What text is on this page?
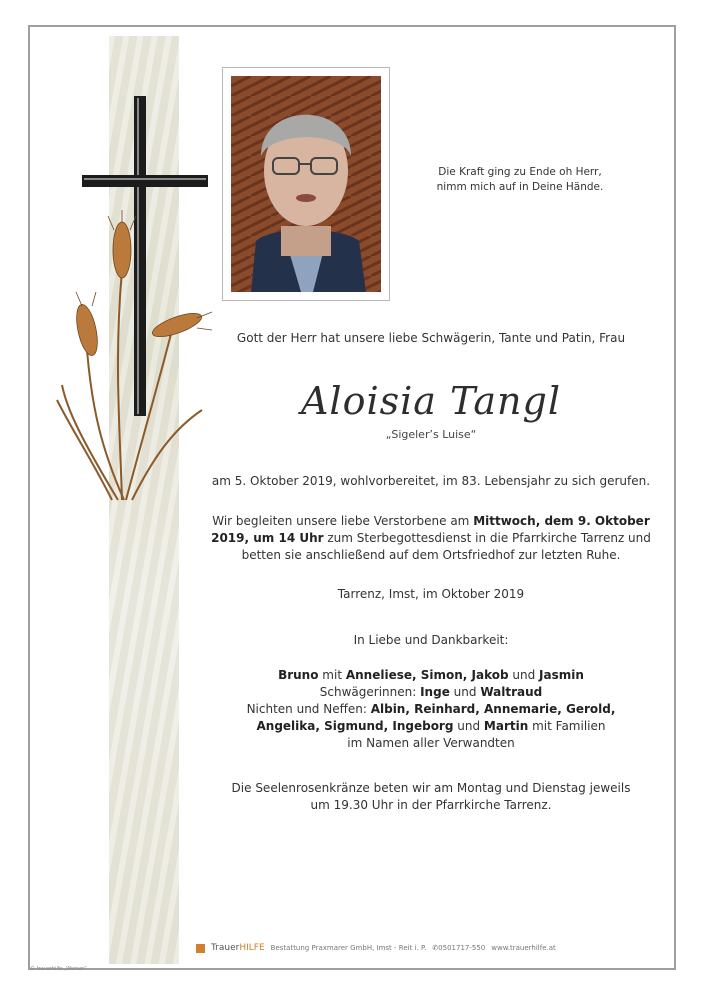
Die Kraft ging zu Ende oh Herr,
nimm mich auf in Deine Hände.
Gott der Herr hat unsere liebe Schwägerin, Tante und Patin, Frau
Aloisia Tangl
„Sigeler’s Luise“
am 5. Oktober 2019, wohlvorbereitet, im 83. Lebensjahr zu sich gerufen.
Wir begleiten unsere liebe Verstorbene am Mittwoch, dem 9. Oktober 2019, um 14 Uhr zum Sterbegottesdienst in die Pfarrkirche Tarrenz und betten sie anschließend auf dem Ortsfriedhof zur letzten Ruhe.
Tarrenz, Imst, im Oktober 2019
In Liebe und Dankbarkeit:
Bruno mit Anneliese, Simon, Jakob und Jasmin
Schwägerinnen: Inge und Waltraud
Nichten und Neffen: Albin, Reinhard, Annemarie, Gerold,
Angelika, Sigmund, Ingeborg und Martin mit Familien
im Namen aller Verwandten
Die Seelenrosenkränze beten wir am Montag und Dienstag jeweils
um 19.30 Uhr in der Pfarrkirche Tarrenz.
TrauerHILFE Bestattung Praxmarer GmbH, Imst - Reit i. P. ✆0501717-550 www.trauerhilfe.at
© trauerhilfe „Werner“
